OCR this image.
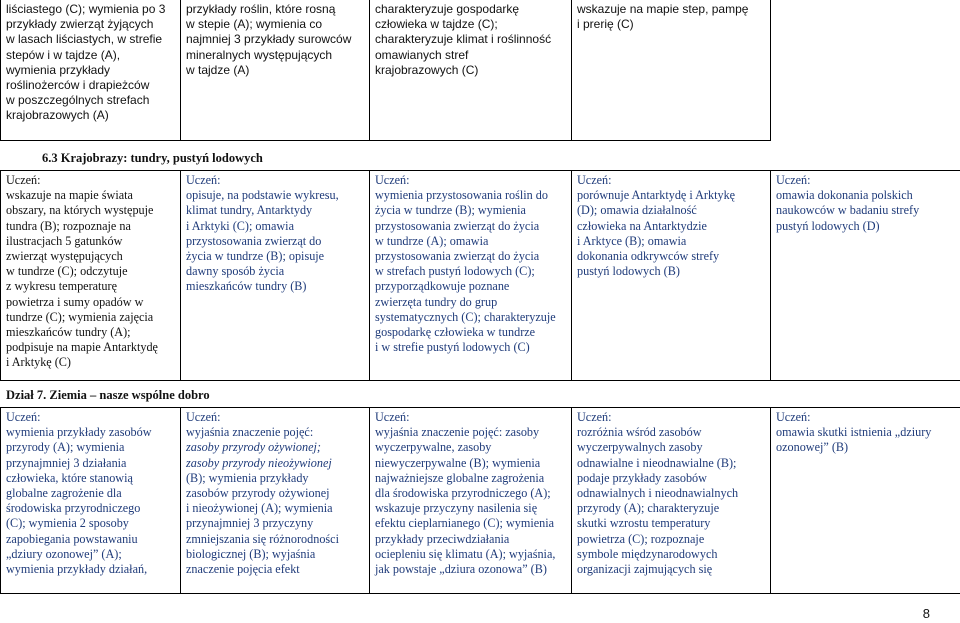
liściastego (C); wymienia po 3
przykłady zwierząt żyjących
w lasach liściastych, w strefie
stepów i w tajdze (A),
wymienia przykłady
roślinożerców i drapieżców
w poszczególnych strefach
krajobrazowych (A)

przykłady roślin, które rosną
w stepie (A); wymienia co
najmniej 3 przykłady surowców
mineralnych występujących
w tajdze (A)

charakteryzuje gospodarkę
człowieka w tajdze (C);
charakteryzuje klimat i roślinność
omawianych stref
krajobrazowych (C)

wskazuje na mapie step, pampę
i prerię (C)

6.3 Krajobrazy: tundry, pustyń lodowych
Uczeń:
wskazuje na mapie świata
obszary, na których występuje
tundra (B); rozpoznaje na
ilustracjach 5 gatunków
zwierząt występujących
w tundrze (C); odczytuje
z wykresu temperaturę
powietrza i sumy opadów w
tundrze (C); wymienia zajęcia
mieszkańców tundry (A);
podpisuje na mapie Antarktydę
i Arktykę (C)

Uczeń:
opisuje, na podstawie wykresu,
klimat tundry, Antarktydy
i Arktyki (C); omawia
przystosowania zwierząt do
życia w tundrze (B); opisuje
dawny sposób życia
mieszkańców tundry (B)

Uczeń:
wymienia przystosowania roślin do
życia w tundrze (B); wymienia
przystosowania zwierząt do życia
w tundrze (A); omawia
przystosowania zwierząt do życia
w strefach pustyń lodowych (C);
przyporządkowuje poznane
zwierzęta tundry do grup
systematycznych (C); charakteryzuje
gospodarkę człowieka w tundrze
i w strefie pustyń lodowych (C)

Uczeń:
porównuje Antarktydę i Arktykę
(D); omawia działalność
człowieka na Antarktydzie
i Arktyce (B); omawia
dokonania odkrywców strefy
pustyń lodowych (B)

Uczeń:
omawia dokonania polskich
naukowców w badaniu strefy
pustyń lodowych (D)
Dział 7. Ziemia – nasze wspólne dobro
Uczeń:
wymienia przykłady zasobów
przyrody (A); wymienia
przynajmniej 3 działania
człowieka, które stanowią
globalne zagrożenie dla
środowiska przyrodniczego
(C); wymienia 2 sposoby
zapobiegania powstawaniu
„dziury ozonowej” (A);
wymienia przykłady działań,

Uczeń:
wyjaśnia znaczenie pojęć:
zasoby przyrody ożywionej;
zasoby przyrody nieożywionej
(B); wymienia przykłady
zasobów przyrody ożywionej
i nieożywionej (A); wymienia
przynajmniej 3 przyczyny
zmniejszania się różnorodności
biologicznej (B); wyjaśnia
znaczenie pojęcia efekt

Uczeń:
wyjaśnia znaczenie pojęć: zasoby
wyczerpywalne, zasoby
niewyczerpywalne (B); wymienia
najważniejsze globalne zagrożenia
dla środowiska przyrodniczego (A);
wskazuje przyczyny nasilenia się
efektu cieplarnianego (C); wymienia
przykłady przeciwdziałania
ociepleniu się klimatu (A); wyjaśnia,
jak powstaje „dziura ozonowa” (B)

Uczeń:
rozróżnia wśród zasobów
wyczerpywalnych zasoby
odnawialne i nieodnawialne (B);
podaje przykłady zasobów
odnawialnych i nieodnawialnych
przyrody (A); charakteryzuje
skutki wzrostu temperatury
powietrza (C); rozpoznaje
symbole międzynarodowych
organizacji zajmujących się

Uczeń:
omawia skutki istnienia „dziury
ozonowej” (B)
8
